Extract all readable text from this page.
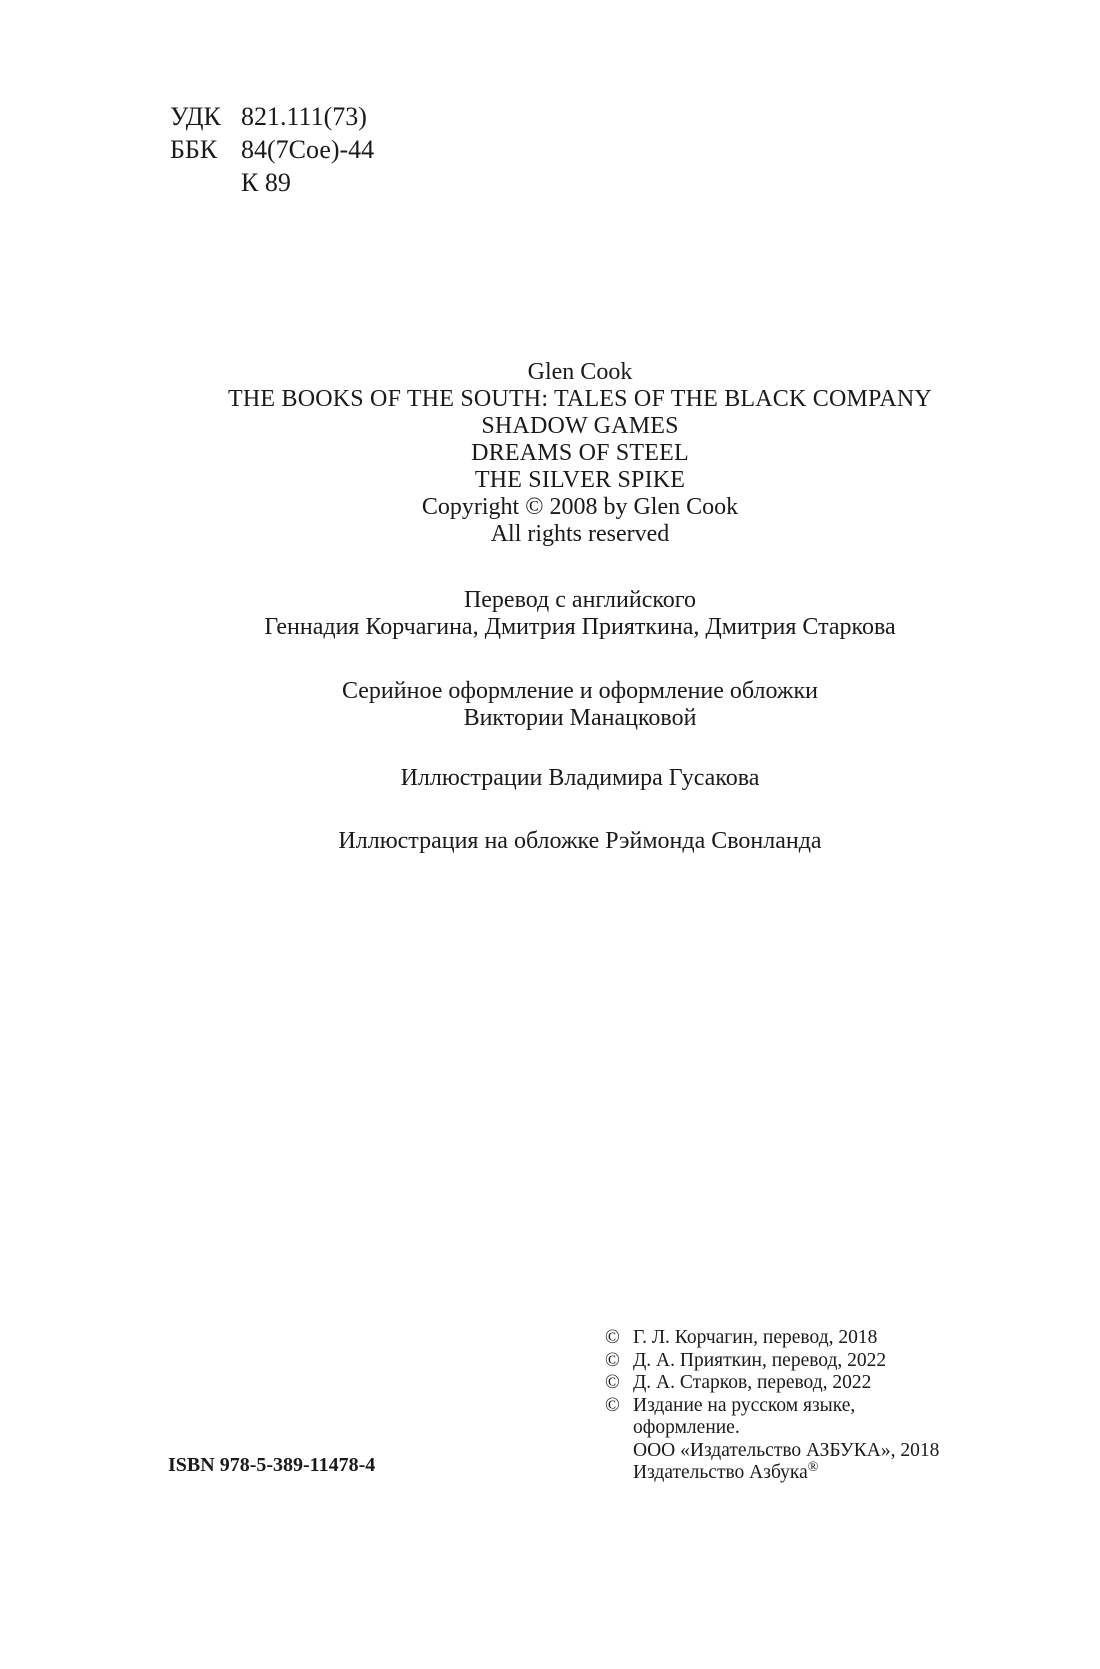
УДК 821.111(73)
ББК 84(7Сое)-44
К 89
Glen Cook
THE BOOKS OF THE SOUTH: TALES OF THE BLACK COMPANY
SHADOW GAMES
DREAMS OF STEEL
THE SILVER SPIKE
Copyright © 2008 by Glen Cook
All rights reserved
Перевод с английского
Геннадия Корчагина, Дмитрия Прияткина, Дмитрия Старкова
Серийное оформление и оформление обложки
Виктории Манацковой
Иллюстрации Владимира Гусакова
Иллюстрация на обложке Рэймонда Свонланда
© Г. Л. Корчагин, перевод, 2018
© Д. А. Прияткин, перевод, 2022
© Д. А. Старков, перевод, 2022
© Издание на русском языке,
оформление.
ООО «Издательство АЗБУКА», 2018
Издательство Азбука®
ISBN 978-5-389-11478-4
